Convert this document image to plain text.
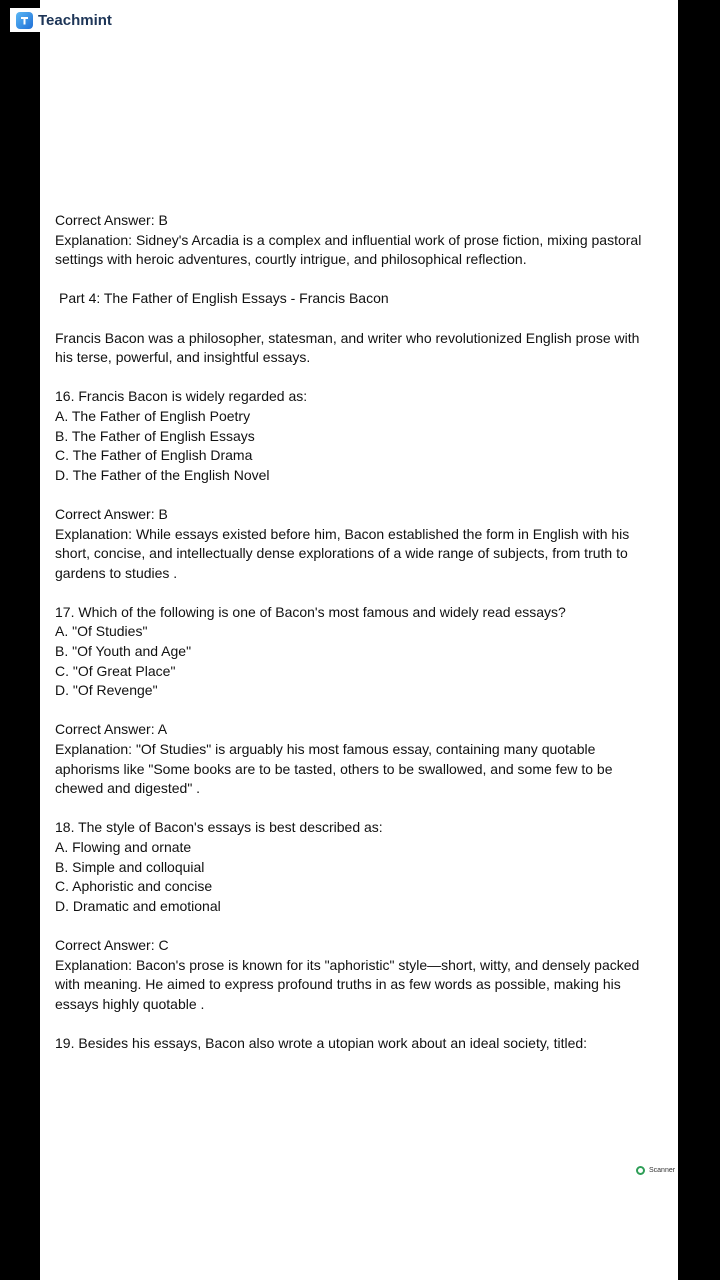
Teachmint

Correct Answer: B
Explanation: Sidney's Arcadia is a complex and influential work of prose fiction, mixing pastoral
settings with heroic adventures, courtly intrigue, and philosophical reflection.

Part 4: The Father of English Essays - Francis Bacon

Francis Bacon was a philosopher, statesman, and writer who revolutionized English prose with
his terse, powerful, and insightful essays.

16. Francis Bacon is widely regarded as:
A. The Father of English Poetry
B. The Father of English Essays
C. The Father of English Drama
D. The Father of the English Novel

Correct Answer: B
Explanation: While essays existed before him, Bacon established the form in English with his
short, concise, and intellectually dense explorations of a wide range of subjects, from truth to
gardens to studies .

17. Which of the following is one of Bacon's most famous and widely read essays?
A. "Of Studies"
B. "Of Youth and Age"
C. "Of Great Place"
D. "Of Revenge"

Correct Answer: A
Explanation: "Of Studies" is arguably his most famous essay, containing many quotable
aphorisms like "Some books are to be tasted, others to be swallowed, and some few to be
chewed and digested" .

18. The style of Bacon's essays is best described as:
A. Flowing and ornate
B. Simple and colloquial
C. Aphoristic and concise
D. Dramatic and emotional

Correct Answer: C
Explanation: Bacon's prose is known for its "aphoristic" style—short, witty, and densely packed
with meaning. He aimed to express profound truths in as few words as possible, making his
essays highly quotable .

19. Besides his essays, Bacon also wrote a utopian work about an ideal society, titled:

Scanner
